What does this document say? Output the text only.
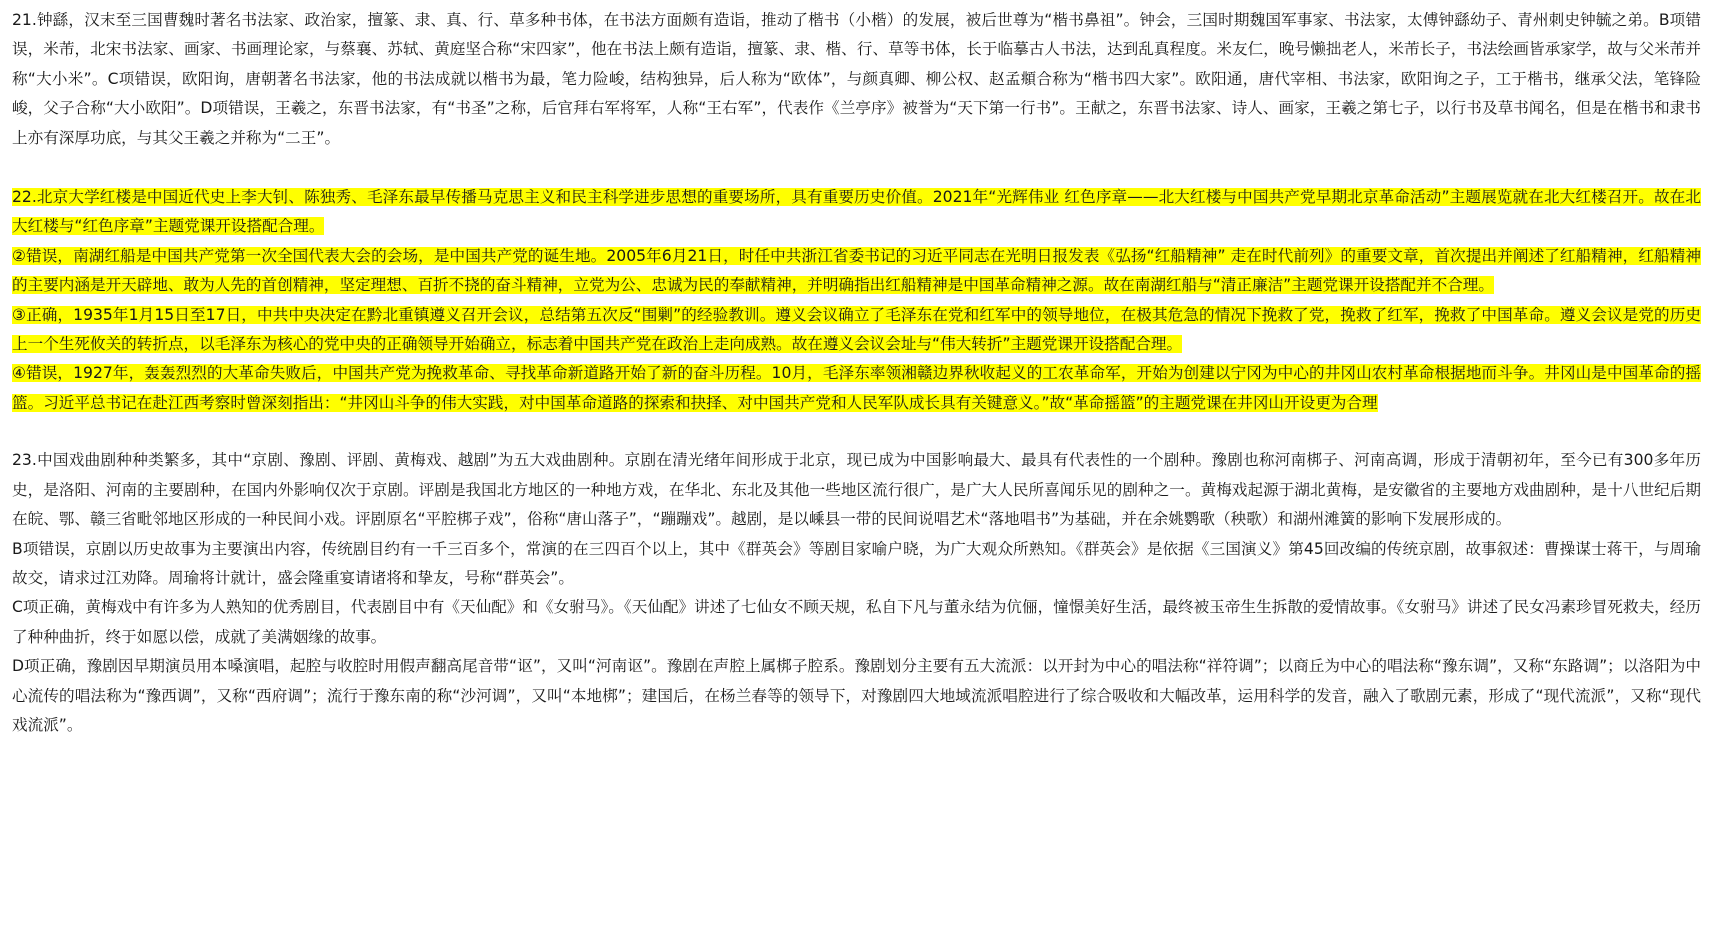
21.钟繇，汉末至三国曹魏时著名书法家、政治家，擅篆、隶、真、行、草多种书体，在书法方面颇有造诣，推动了楷书（小楷）的发展，被后世尊为“楷书鼻祖”。钟会，三国时期魏国军事家、书法家，太傅钟繇幼子、青州刺史钟毓之弟。B项错误，米芾，北宋书法家、画家、书画理论家，与蔡襄、苏轼、黄庭坚合称“宋四家”，他在书法上颇有造诣，擅篆、隶、楷、行、草等书体，长于临摹古人书法，达到乱真程度。米友仁，晚号懒拙老人，米芾长子，书法绘画皆承家学，故与父米芾并称“大小米”。C项错误，欧阳询，唐朝著名书法家，他的书法成就以楷书为最，笔力险峻，结构独异，后人称为“欧体”，与颜真卿、柳公权、赵孟頫合称为“楷书四大家”。欧阳通，唐代宰相、书法家，欧阳询之子，工于楷书，继承父法，笔锋险峻，父子合称“大小欧阳”。D项错误，王羲之，东晋书法家，有“书圣”之称，后官拜右军将军，人称“王右军”，代表作《兰亭序》被誉为“天下第一行书”。王献之，东晋书法家、诗人、画家，王羲之第七子，以行书及草书闻名，但是在楷书和隶书上亦有深厚功底，与其父王羲之并称为“二王”。

22.北京大学红楼是中国近代史上李大钊、陈独秀、毛泽东最早传播马克思主义和民主科学进步思想的重要场所，具有重要历史价值。2021年“光辉伟业 红色序章——北大红楼与中国共产党早期北京革命活动”主题展览就在北大红楼召开。故在北大红楼与“红色序章”主题党课开设搭配合理。

②错误，南湖红船是中国共产党第一次全国代表大会的会场，是中国共产党的诞生地。2005年6月21日，时任中共浙江省委书记的习近平同志在光明日报发表《弘扬“红船精神” 走在时代前列》的重要文章，首次提出并阐述了红船精神，红船精神的主要内涵是开天辟地、敢为人先的首创精神，坚定理想、百折不挠的奋斗精神，立党为公、忠诚为民的奉献精神，并明确指出红船精神是中国革命精神之源。故在南湖红船与“清正廉洁”主题党课开设搭配并不合理。

③正确，1935年1月15日至17日，中共中央决定在黔北重镇遵义召开会议，总结第五次反“围剿”的经验教训。遵义会议确立了毛泽东在党和红军中的领导地位，在极其危急的情况下挽救了党，挽救了红军，挽救了中国革命。遵义会议是党的历史上一个生死攸关的转折点，以毛泽东为核心的党中央的正确领导开始确立，标志着中国共产党在政治上走向成熟。故在遵义会议会址与“伟大转折”主题党课开设搭配合理。

④错误，1927年，轰轰烈烈的大革命失败后，中国共产党为挽救革命、寻找革命新道路开始了新的奋斗历程。10月，毛泽东率领湘赣边界秋收起义的工农革命军，开始为创建以宁冈为中心的井冈山农村革命根据地而斗争。井冈山是中国革命的摇篮。习近平总书记在赴江西考察时曾深刻指出：“井冈山斗争的伟大实践，对中国革命道路的探索和抉择、对中国共产党和人民军队成长具有关键意义。”故“革命摇篮”的主题党课在井冈山开设更为合理

23.中国戏曲剧种种类繁多，其中“京剧、豫剧、评剧、黄梅戏、越剧”为五大戏曲剧种。京剧在清光绪年间形成于北京，现已成为中国影响最大、最具有代表性的一个剧种。豫剧也称河南梆子、河南高调，形成于清朝初年，至今已有300多年历史，是洛阳、河南的主要剧种，在国内外影响仅次于京剧。评剧是我国北方地区的一种地方戏，在华北、东北及其他一些地区流行很广，是广大人民所喜闻乐见的剧种之一。黄梅戏起源于湖北黄梅，是安徽省的主要地方戏曲剧种，是十八世纪后期在皖、鄂、赣三省毗邻地区形成的一种民间小戏。评剧原名“平腔梆子戏”，俗称“唐山落子”，“蹦蹦戏”。越剧，是以嵊县一带的民间说唱艺术“落地唱书”为基础，并在余姚鹦歌（秧歌）和湖州滩簧的影响下发展形成的。

B项错误，京剧以历史故事为主要演出内容，传统剧目约有一千三百多个，常演的在三四百个以上，其中《群英会》等剧目家喻户晓，为广大观众所熟知。《群英会》是依据《三国演义》第45回改编的传统京剧，故事叙述：曹操谋士蒋干，与周瑜故交，请求过江劝降。周瑜将计就计，盛会隆重宴请诸将和挚友，号称“群英会”。

C项正确，黄梅戏中有许多为人熟知的优秀剧目，代表剧目中有《天仙配》和《女驸马》。《天仙配》讲述了七仙女不顾天规，私自下凡与董永结为伉俪，憧憬美好生活，最终被玉帝生生拆散的爱情故事。《女驸马》讲述了民女冯素珍冒死救夫，经历了种种曲折，终于如愿以偿，成就了美满姻缘的故事。

D项正确，豫剧因早期演员用本嗓演唱，起腔与收腔时用假声翻高尾音带“讴”，又叫“河南讴”。豫剧在声腔上属梆子腔系。豫剧划分主要有五大流派：以开封为中心的唱法称“祥符调”；以商丘为中心的唱法称“豫东调”，又称“东路调”；以洛阳为中心流传的唱法称为“豫西调”，又称“西府调”；流行于豫东南的称“沙河调”，又叫“本地梆”；建国后，在杨兰春等的领导下，对豫剧四大地域流派唱腔进行了综合吸收和大幅改革，运用科学的发音，融入了歌剧元素，形成了“现代流派”，又称“现代戏流派”。
